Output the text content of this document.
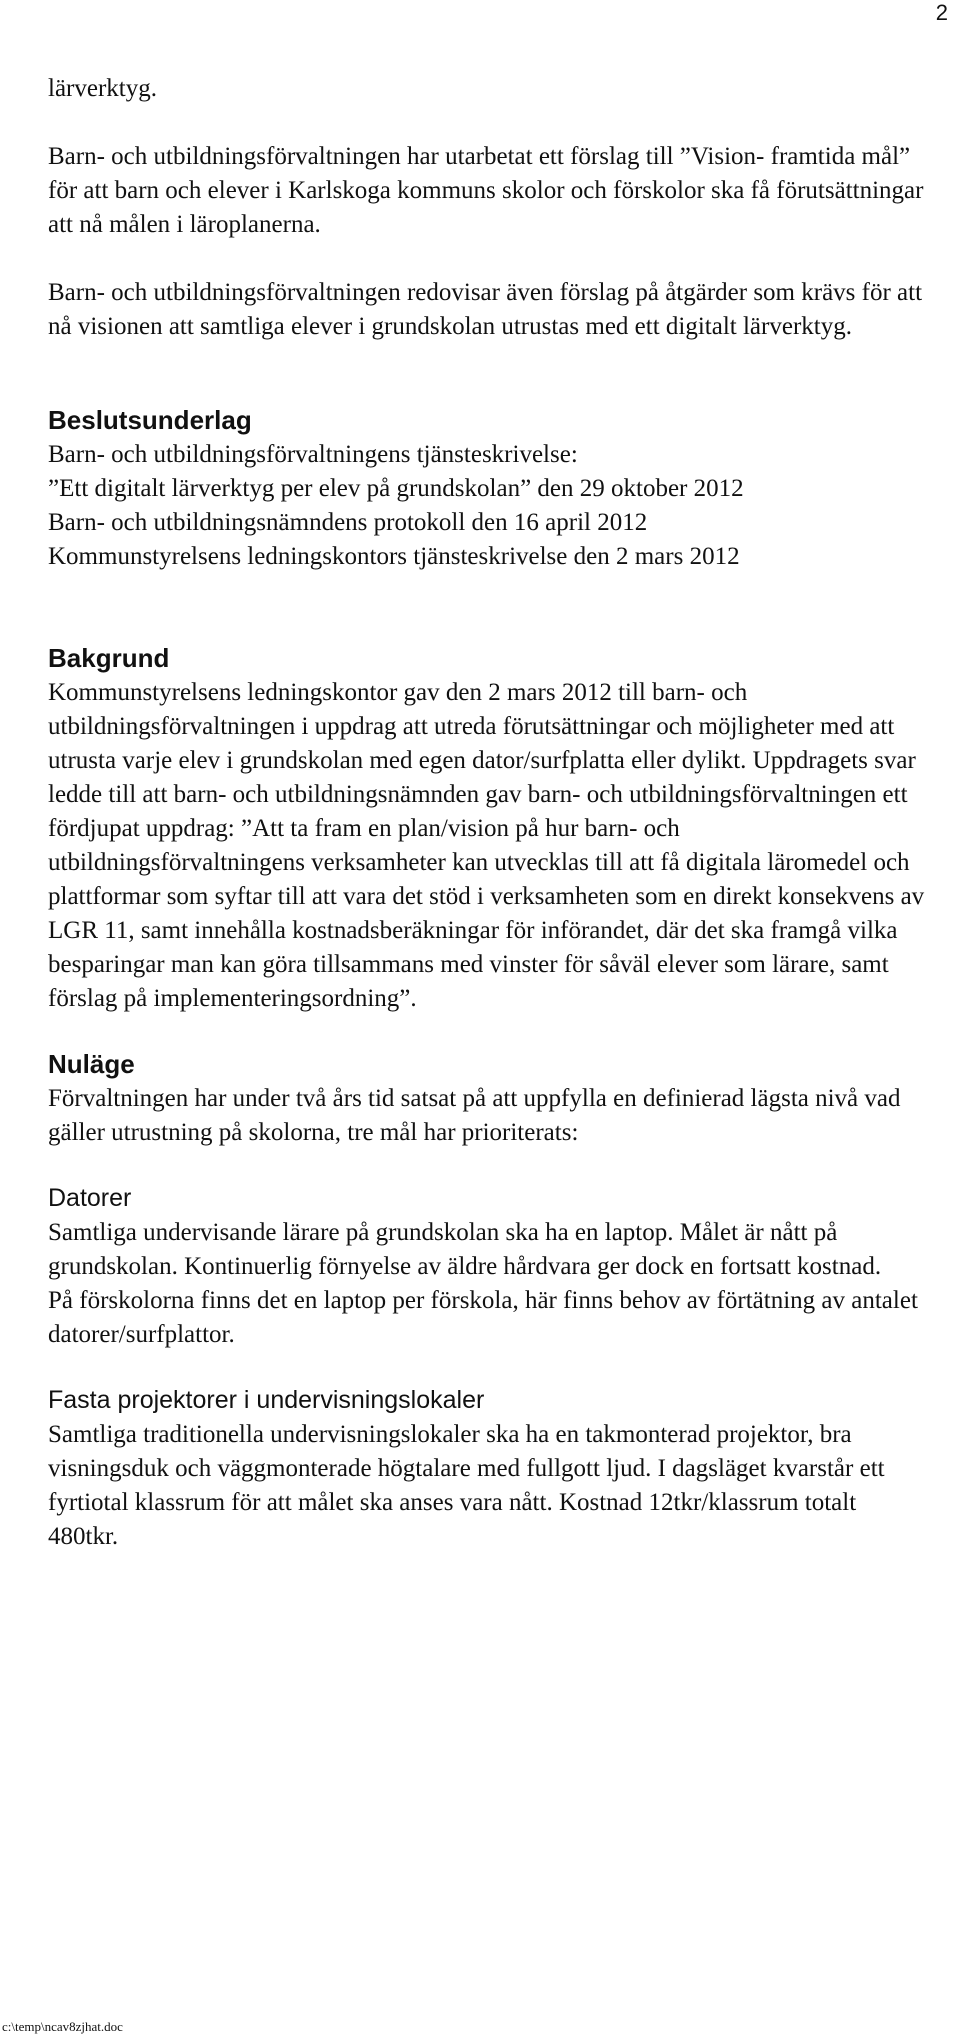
2

lärverktyg.

Barn- och utbildningsförvaltningen har utarbetat ett förslag till ”Vision- framtida mål” för att barn och elever i Karlskoga kommuns skolor och förskolor ska få förutsättningar att nå målen i läroplanerna.

Barn- och utbildningsförvaltningen redovisar även förslag på åtgärder som krävs för att nå visionen att samtliga elever i grundskolan utrustas med ett digitalt lärverktyg.

Beslutsunderlag
Barn- och utbildningsförvaltningens tjänsteskrivelse:
”Ett digitalt lärverktyg per elev på grundskolan” den 29 oktober 2012
Barn- och utbildningsnämndens protokoll den 16 april 2012
Kommunstyrelsens ledningskontors tjänsteskrivelse den 2 mars 2012
Bakgrund

Kommunstyrelsens ledningskontor gav den 2 mars 2012 till barn- och utbildningsförvaltningen i uppdrag att utreda förutsättningar och möjligheter med att utrusta varje elev i grundskolan med egen dator/surfplatta eller dylikt. Uppdragets svar ledde till att barn- och utbildningsnämnden gav barn- och utbildningsförvaltningen ett fördjupat uppdrag: ”Att ta fram en plan/vision på hur barn- och utbildningsförvaltningens verksamheter kan utvecklas till att få digitala läromedel och plattformar som syftar till att vara det stöd i verksamheten som en direkt konsekvens av LGR 11, samt innehålla kostnadsberäkningar för införandet, där det ska framgå vilka besparingar man kan göra tillsammans med vinster för såväl elever som lärare, samt förslag på implementeringsordning”.

Nuläge

Förvaltningen har under två års tid satsat på att uppfylla en definierad lägsta nivå vad gäller utrustning på skolorna, tre mål har prioriterats:

Datorer

Samtliga undervisande lärare på grundskolan ska ha en laptop. Målet är nått på grundskolan. Kontinuerlig förnyelse av äldre hårdvara ger dock en fortsatt kostnad.

På förskolorna finns det en laptop per förskola, här finns behov av förtätning av antalet datorer/surfplattor.

Fasta projektorer i undervisningslokaler

Samtliga traditionella undervisningslokaler ska ha en takmonterad projektor, bra visningsduk och väggmonterade högtalare med fullgott ljud. I dagsläget kvarstår ett fyrtiotal klassrum för att målet ska anses vara nått. Kostnad 12tkr/klassrum totalt 480tkr.

c:\temp\ncav8zjhat.doc
